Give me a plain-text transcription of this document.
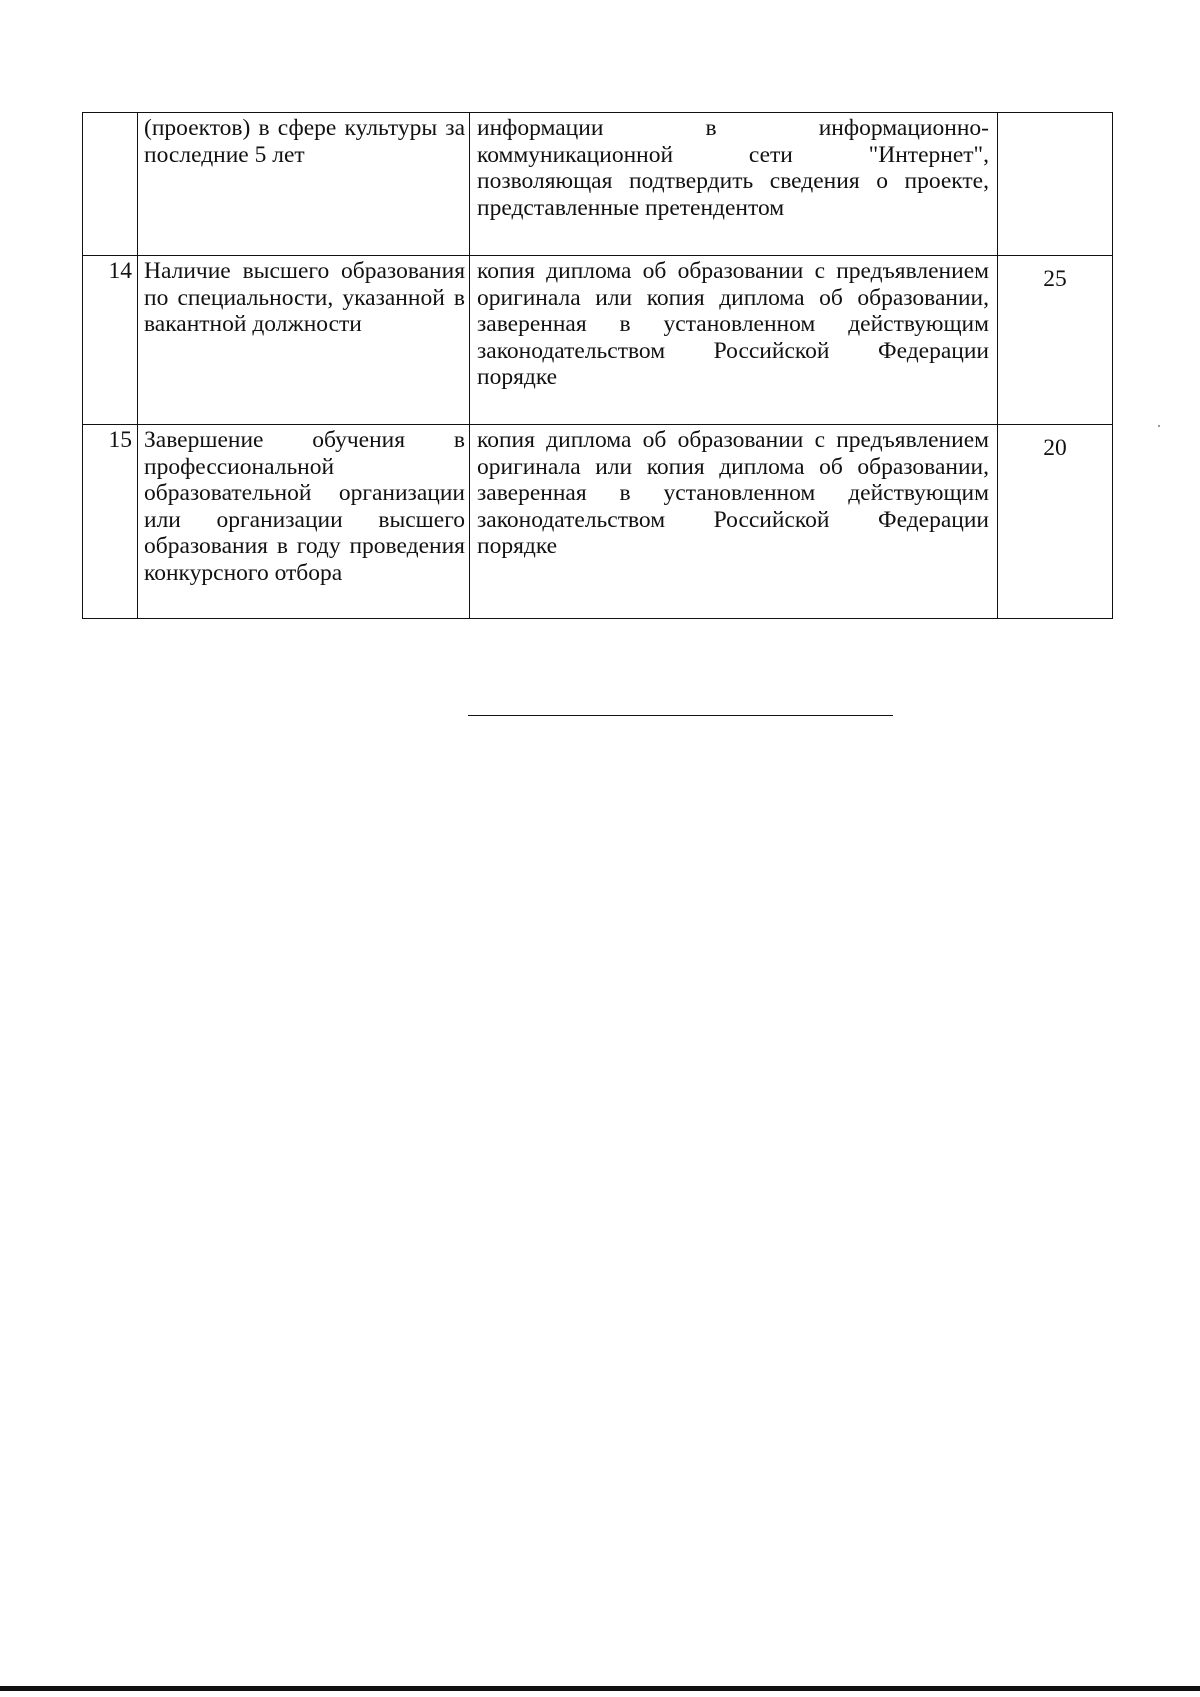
	(проектов) в сфере культуры за последние 5 лет	информации в информационно-коммуникационной сети "Интернет", позволяющая подтвердить сведения о проекте, представленные претендентом	

14	Наличие высшего образования по специальности, указанной в вакантной должности	копия диплома об образовании с предъявлением оригинала или копия диплома об образовании, заверенная в установленном действующим законодательством Российской Федерации порядке	25
15	Завершение обучения в профессиональной образовательной организации или организации высшего образования в году проведения конкурсного отбора	копия диплома об образовании с предъявлением оригинала или копия диплома об образовании, заверенная в установленном действующим законодательством Российской Федерации порядке	20
